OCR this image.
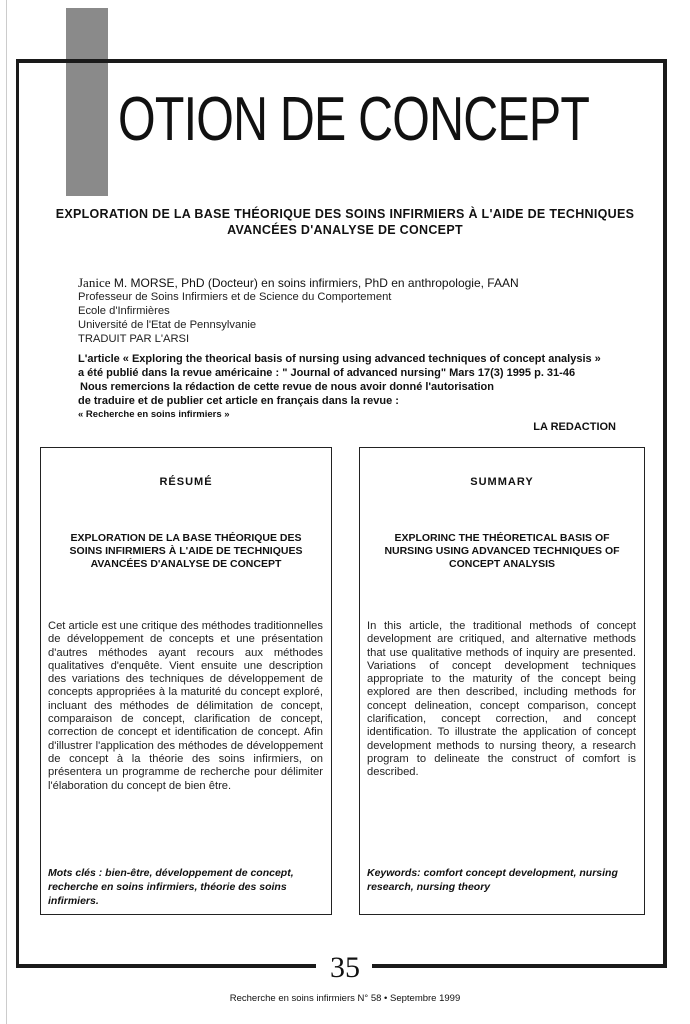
OTION DE CONCEPT
EXPLORATION DE LA BASE THÉORIQUE DES SOINS INFIRMIERS À L'AIDE DE TECHNIQUES AVANCÉES D'ANALYSE DE CONCEPT
Janice M. MORSE, PhD (Docteur) en soins infirmiers, PhD en anthropologie, FAAN
Professeur de Soins Infirmiers et de Science du Comportement
Ecole d'Infirmières
Université de l'Etat de Pennsylvanie
TRADUIT PAR L'ARSI
L'article « Exploring the theorical basis of nursing using advanced techniques of concept analysis »
a été publié dans la revue américaine : " Journal of advanced nursing" Mars 17(3) 1995 p. 31-46
Nous remercions la rédaction de cette revue de nous avoir donné l'autorisation
de traduire et de publier cet article en français dans la revue :
« Recherche en soins infirmiers »
LA REDACTION
RÉSUMÉ
EXPLORATION DE LA BASE THÉORIQUE DES SOINS INFIRMIERS À L'AIDE DE TECHNIQUES AVANCÉES D'ANALYSE DE CONCEPT
Cet article est une critique des méthodes traditionnelles de développement de concepts et une présentation d'autres méthodes ayant recours aux méthodes qualitatives d'enquête. Vient ensuite une description des variations des techniques de développement de concepts appropriées à la maturité du concept exploré, incluant des méthodes de délimitation de concept, comparaison de concept, clarification de concept, correction de concept et identification de concept. Afin d'illustrer l'application des méthodes de développement de concept à la théorie des soins infirmiers, on présentera un programme de recherche pour délimiter l'élaboration du concept de bien être.
Mots clés : bien-être, développement de concept, recherche en soins infirmiers, théorie des soins infirmiers.
SUMMARY
EXPLORINC THE THÉORETICAL BASIS OF NURSING USING ADVANCED TECHNIQUES OF CONCEPT ANALYSIS
In this article, the traditional methods of concept development are critiqued, and alternative methods that use qualitative methods of inquiry are presented. Variations of concept development techniques appropriate to the maturity of the concept being explored are then described, including methods for concept delineation, concept comparison, concept clarification, concept correction, and concept identification. To illustrate the application of concept development methods to nursing theory, a research program to delineate the construct of comfort is described.
Keywords: comfort concept development, nursing research, nursing theory
35
Recherche en soins infirmiers N° 58 • Septembre 1999
